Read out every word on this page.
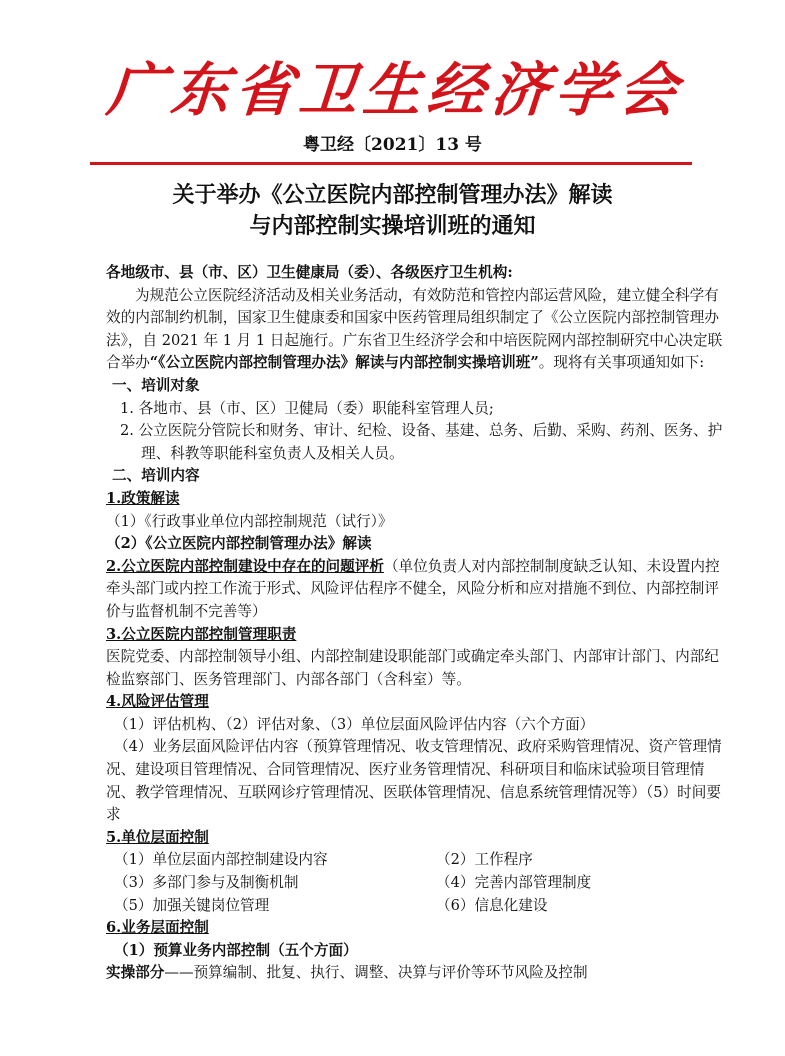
广东省卫生经济学会
粤卫经〔2021〕13 号
关于举办《公立医院内部控制管理办法》解读
与内部控制实操培训班的通知

各地级市、县（市、区）卫生健康局（委）、各级医疗卫生机构:

为规范公立医院经济活动及相关业务活动，有效防范和管控内部运营风险，建立健全科学有效的内部制约机制，国家卫生健康委和国家中医药管理局组织制定了《公立医院内部控制管理办法》，自 2021 年 1 月 1 日起施行。广东省卫生经济学会和中培医院网内部控制研究中心决定联合举办“《公立医院内部控制管理办法》解读与内部控制实操培训班”。现将有关事项通知如下:

一、培训对象

1. 各地市、县（市、区）卫健局（委）职能科室管理人员;

2. 公立医院分管院长和财务、审计、纪检、设备、基建、总务、后勤、采购、药剂、医务、护理、科教等职能科室负责人及相关人员。

二、培训内容

1.政策解读

（1）《行政事业单位内部控制规范（试行）》

（2）《公立医院内部控制管理办法》解读

2.公立医院内部控制建设中存在的问题评析（单位负责人对内部控制制度缺乏认知、未设置内控牵头部门或内控工作流于形式、风险评估程序不健全，风险分析和应对措施不到位、内部控制评价与监督机制不完善等）

3.公立医院内部控制管理职责

医院党委、内部控制领导小组、内部控制建设职能部门或确定牵头部门、内部审计部门、内部纪检监察部门、医务管理部门、内部各部门（含科室）等。

4.风险评估管理

（1）评估机构、（2）评估对象、（3）单位层面风险评估内容（六个方面）

（4）业务层面风险评估内容（预算管理情况、收支管理情况、政府采购管理情况、资产管理情况、建设项目管理情况、合同管理情况、医疗业务管理情况、科研项目和临床试验项目管理情况、教学管理情况、互联网诊疗管理情况、医联体管理情况、信息系统管理情况等）（5）时间要求

5.单位层面控制

（1）单位层面内部控制建设内容	（2）工作程序
（3）多部门参与及制衡机制	（4）完善内部管理制度
（5）加强关键岗位管理	（6）信息化建设

6.业务层面控制

（1）预算业务内部控制（五个方面）

实操部分——预算编制、批复、执行、调整、决算与评价等环节风险及控制
